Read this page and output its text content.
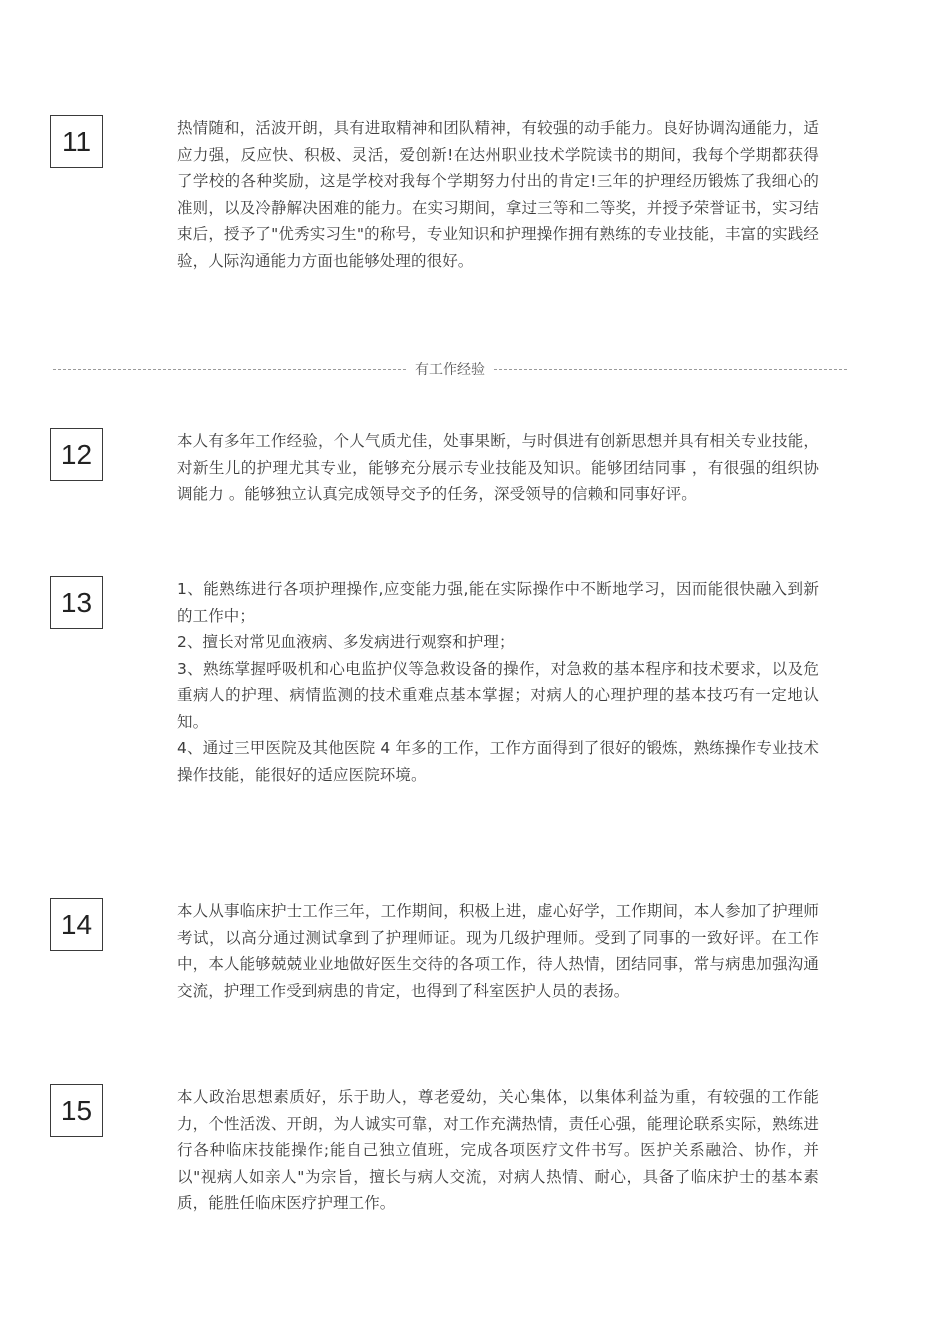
11	热情随和，活波开朗，具有进取精神和团队精神，有较强的动手能力。良好协调沟通能力，适应力强，反应快、积极、灵活，爱创新!在达州职业技术学院读书的期间，我每个学期都获得了学校的各种奖励，这是学校对我每个学期努力付出的肯定!三年的护理经历锻炼了我细心的准则，以及冷静解决困难的能力。在实习期间，拿过三等和二等奖，并授予荣誉证书，实习结束后，授予了"优秀实习生"的称号，专业知识和护理操作拥有熟练的专业技能，丰富的实践经验，人际沟通能力方面也能够处理的很好。

有工作经验
12	本人有多年工作经验，个人气质尤佳，处事果断，与时俱进有创新思想并具有相关专业技能，对新生儿的护理尤其专业，能够充分展示专业技能及知识。能够团结同事 ，有很强的组织协调能力 。能够独立认真完成领导交予的任务，深受领导的信赖和同事好评。

13	1、能熟练进行各项护理操作,应变能力强,能在实际操作中不断地学习，因而能很快融入到新的工作中；

2、擅长对常见血液病、多发病进行观察和护理；

3、熟练掌握呼吸机和心电监护仪等急救设备的操作，对急救的基本程序和技术要求，以及危重病人的护理、病情监测的技术重难点基本掌握；对病人的心理护理的基本技巧有一定地认知。

4、通过三甲医院及其他医院 4 年多的工作，工作方面得到了很好的锻炼，熟练操作专业技术操作技能，能很好的适应医院环境。

14	本人从事临床护士工作三年，工作期间，积极上进，虚心好学，工作期间，本人参加了护理师考试，以高分通过测试拿到了护理师证。现为几级护理师。受到了同事的一致好评。在工作中，本人能够兢兢业业地做好医生交待的各项工作，待人热情，团结同事，常与病患加强沟通交流，护理工作受到病患的肯定，也得到了科室医护人员的表扬。

15	本人政治思想素质好，乐于助人，尊老爱幼，关心集体，以集体利益为重，有较强的工作能力，个性活泼、开朗，为人诚实可靠，对工作充满热情，责任心强，能理论联系实际，熟练进行各种临床技能操作;能自己独立值班，完成各项医疗文件书写。医护关系融洽、协作，并以"视病人如亲人"为宗旨，擅长与病人交流，对病人热情、耐心，具备了临床护士的基本素质，能胜任临床医疗护理工作。
